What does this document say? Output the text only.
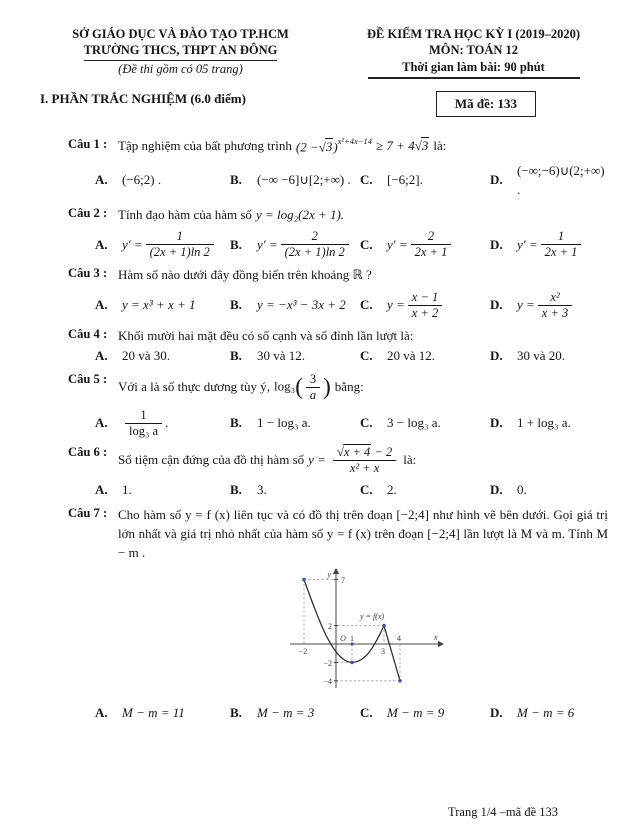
SỞ GIÁO DỤC VÀ ĐÀO TẠO TP.HCM
TRƯỜNG THCS, THPT AN ĐÔNG
(Đề thi gồm có 05 trang)
ĐỀ KIỂM TRA HỌC KỲ I (2019–2020)
MÔN: TOÁN 12
Thời gian làm bài: 90 phút
I. PHẦN TRẮC NGHIỆM (6.0 điểm)	Mã đề: 133
Câu 1 : Tập nghiệm của bất phương trình $(2 -√3)^{x^2+4x-14} \ge 7 + 4√3$ là:
A.	(−6;2) .	B.	(−∞ −6]∪[2;+∞) . C.	[−6;2].	D.
(−∞;−6)∪(2;+∞) .
Câu 2 : Tính đạo hàm của hàm số y = log₂(2x + 1).
A.	$y' = \frac{1}{(2x + 1)\ln 2} B$.	$y' = \frac{2}{(2x + 1)\ln 2} C$.	$y' = \frac{2}{2x + 1}$	D.	$y' = \frac{1}{2x + 1}$
Câu 3 : Hàm số nào dưới đây đồng biến trên khoảng ℝ ?
A.	y = x³ + x + 1	B.	y = −x³ − 3x + 2 C.	$y = \frac{x - 1}{x + 2}$	D.	$y = \frac{\text{x²}}{x + 3}$
Câu 4 : Khối mười hai mặt đều có số cạnh và số đỉnh lần lượt là:
A.	20 và 30.	B.	30 và 12.	C.	20 và 12.	D.	30 và 20.
Câu 5 :
Với a là số thực dương tùy ý, $\log_3( \frac{3}{a}$ ) bằng:
A.	$\frac{1}{\text{log₃ a}}$ .	B.	1 − log₃ a.	C.	3 − log₃ a.	D.	1 + log₃ a.
Câu 6 :
Số tiệm cận đứng của đồ thị hàm số $y = \frac{√x + 4 - 2}{\text{x² + x}}$ là:
A.	1.	B.	3.	C.	2.	D.	0.
Câu 7 : Cho hàm số y = f (x) liên tục và có đồ thị trên đoạn [−2;4] như hình vẽ bên dưới. Gọi giá trị lớn nhất và giá trị nhỏ nhất của hàm số y = f (x) trên đoạn [−2;4] lần lượt là M và m. Tính M − m .
y
x
7
2
−2
−4
−2
O 1
3
4
y = f(x)
A.	M − m = 11	B.	M − m = 3	C.	M − m = 9	D.	M − m = 6
Trang 1/4 –mã đề 133
